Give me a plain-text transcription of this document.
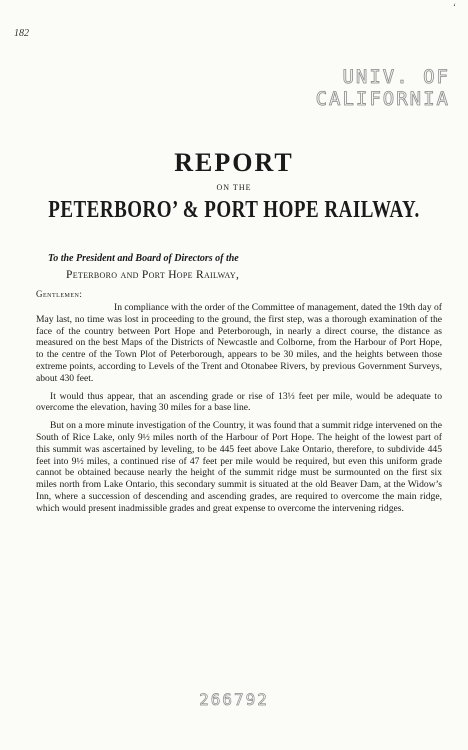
‘
182
UNIV. OF
CALIFORNIA
REPORT
ON THE
PETERBORO’ & PORT HOPE RAILWAY.
To the President and Board of Directors of the
Peterboro and Port Hope Railway,
Gentlemen:

In compliance with the order of the Committee of management, dated the 19th day of May last, no time was lost in proceeding to the ground, the first step, was a thorough examination of the face of the country between Port Hope and Peterborough, in nearly a direct course, the distance as measured on the best Maps of the Districts of Newcastle and Colborne, from the Harbour of Port Hope, to the centre of the Town Plot of Peterborough, appears to be 30 miles, and the heights between those extreme points, according to Levels of the Trent and Otonabee Rivers, by previous Government Surveys, about 430 feet.

It would thus appear, that an ascending grade or rise of 13⅓ feet per mile, would be adequate to overcome the elevation, having 30 miles for a base line.

But on a more minute investigation of the Country, it was found that a summit ridge intervened on the South of Rice Lake, only 9½ miles north of the Harbour of Port Hope. The height of the lowest part of this summit was ascertained by leveling, to be 445 feet above Lake Ontario, therefore, to subdivide 445 feet into 9½ miles, a continued rise of 47 feet per mile would be required, but even this uniform grade cannot be obtained because nearly the height of the summit ridge must be surmounted on the first six miles north from Lake Ontario, this secondary summit is situated at the old Beaver Dam, at the Widow’s Inn, where a succession of descending and ascending grades, are required to overcome the main ridge, which would present inadmissible grades and great expense to overcome the intervening ridges.

266792
